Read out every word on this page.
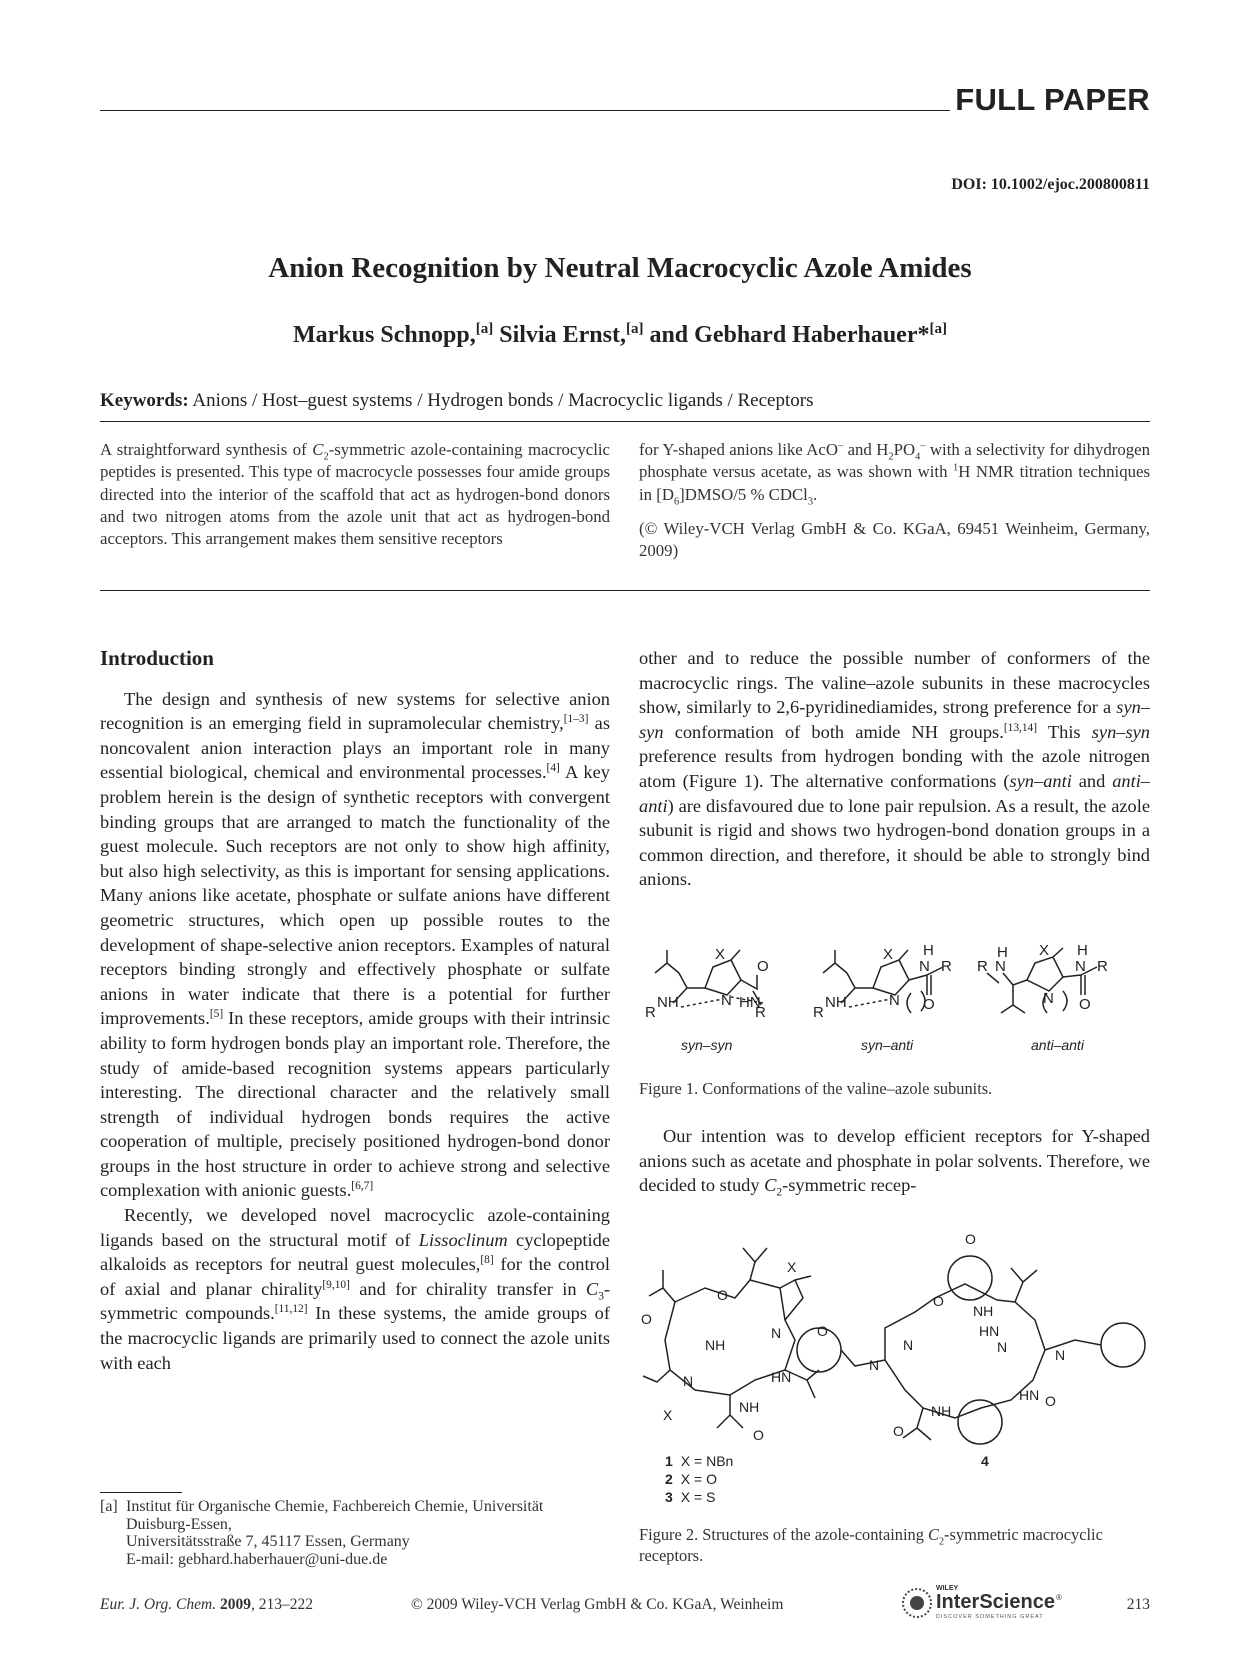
FULL PAPER
DOI: 10.1002/ejoc.200800811
Anion Recognition by Neutral Macrocyclic Azole Amides
Markus Schnopp,[a] Silvia Ernst,[a] and Gebhard Haberhauer*[a]
Keywords: Anions / Host–guest systems / Hydrogen bonds / Macrocyclic ligands / Receptors

A straightforward synthesis of $C_2$-symmetric azole-containing macrocyclic peptides is presented. This type of macrocycle possesses four amide groups directed into the interior of the scaffold that act as hydrogen-bond donors and two nitrogen atoms from the azole unit that act as hydrogen-bond acceptors. This arrangement makes them sensitive receptors

for Y-shaped anions like AcO– and $H_2PO_4^-$ with a selectivity for dihydrogen phosphate versus acetate, as was shown with $^1$H NMR titration techniques in $[D_6]DMSO/5$ % CDCl$_3$.

(© Wiley-VCH Verlag GmbH & Co. KGaA, 69451 Weinheim, Germany, 2009)

Introduction

The design and synthesis of new systems for selective anion recognition is an emerging field in supramolecular chemistry,[1–3] as noncovalent anion interaction plays an important role in many essential biological, chemical and environmental processes.[4] A key problem herein is the design of synthetic receptors with convergent binding groups that are arranged to match the functionality of the guest molecule. Such receptors are not only to show high affinity, but also high selectivity, as this is important for sensing applications. Many anions like acetate, phosphate or sulfate anions have different geometric structures, which open up possible routes to the development of shape-selective anion receptors. Examples of natural receptors binding strongly and effectively phosphate or sulfate anions in water indicate that there is a potential for further improvements.[5] In these receptors, amide groups with their intrinsic ability to form hydrogen bonds play an important role. Therefore, the study of amide-based recognition systems appears particularly interesting. The directional character and the relatively small strength of individual hydrogen bonds requires the active cooperation of multiple, precisely positioned hydrogen-bond donor groups in the host structure in order to achieve strong and selective complexation with anionic guests.[6,7]

Recently, we developed novel macrocyclic azole-containing ligands based on the structural motif of Lissoclinum cyclopeptide alkaloids as receptors for neutral guest molecules,[8] for the control of axial and planar chirality[9,10] and for chirality transfer in $C_3$-symmetric compounds.[11,12] In these systems, the amide groups of the macrocyclic ligands are primarily used to connect the azole units with each

other and to reduce the possible number of conformers of the macrocyclic rings. The valine–azole subunits in these macrocycles show, similarly to 2,6-pyridinediamides, strong preference for a syn–syn conformation of both amide NH groups.[13,14] This syn–syn preference results from hydrogen bonding with the azole nitrogen atom (Figure 1). The alternative conformations (syn–anti and anti–anti) are disfavoured due to lone pair repulsion. As a result, the azole subunit is rigid and shows two hydrogen-bond donation groups in a common direction, and therefore, it should be able to strongly bind anions.

X
N
O
R
NH	HN
R
X
N
R
NH
H
N R
O
X
N
R
H
N
H
N R
O
syn–syn	syn–anti	anti–anti
Figure 1. Conformations of the valine–azole subunits.

Our intention was to develop efficient receptors for Y-shaped anions such as acetate and phosphate in polar solvents. Therefore, we decided to study $C_2$-symmetric recep-

O
NH
O
X
N
HN
O
N
X	NH
O
O
NH
O
HN
N	N
N
N
HN O
NH
O
1 X = NBn
2 X = O
3 X = S
4
Figure 2. Structures of the azole-containing $C_2$-symmetric macrocyclic receptors.
[a] Institut für Organische Chemie, Fachbereich Chemie, Universität Duisburg-Essen,
Universitätsstraße 7, 45117 Essen, Germany
E-mail: gebhard.haberhauer@uni-due.de
Eur. J. Org. Chem. 2009, 213–222	© 2009 Wiley-VCH Verlag GmbH & Co. KGaA, Weinheim
WILEY
InterScience ®
DISCOVER SOMETHING GREAT
213
